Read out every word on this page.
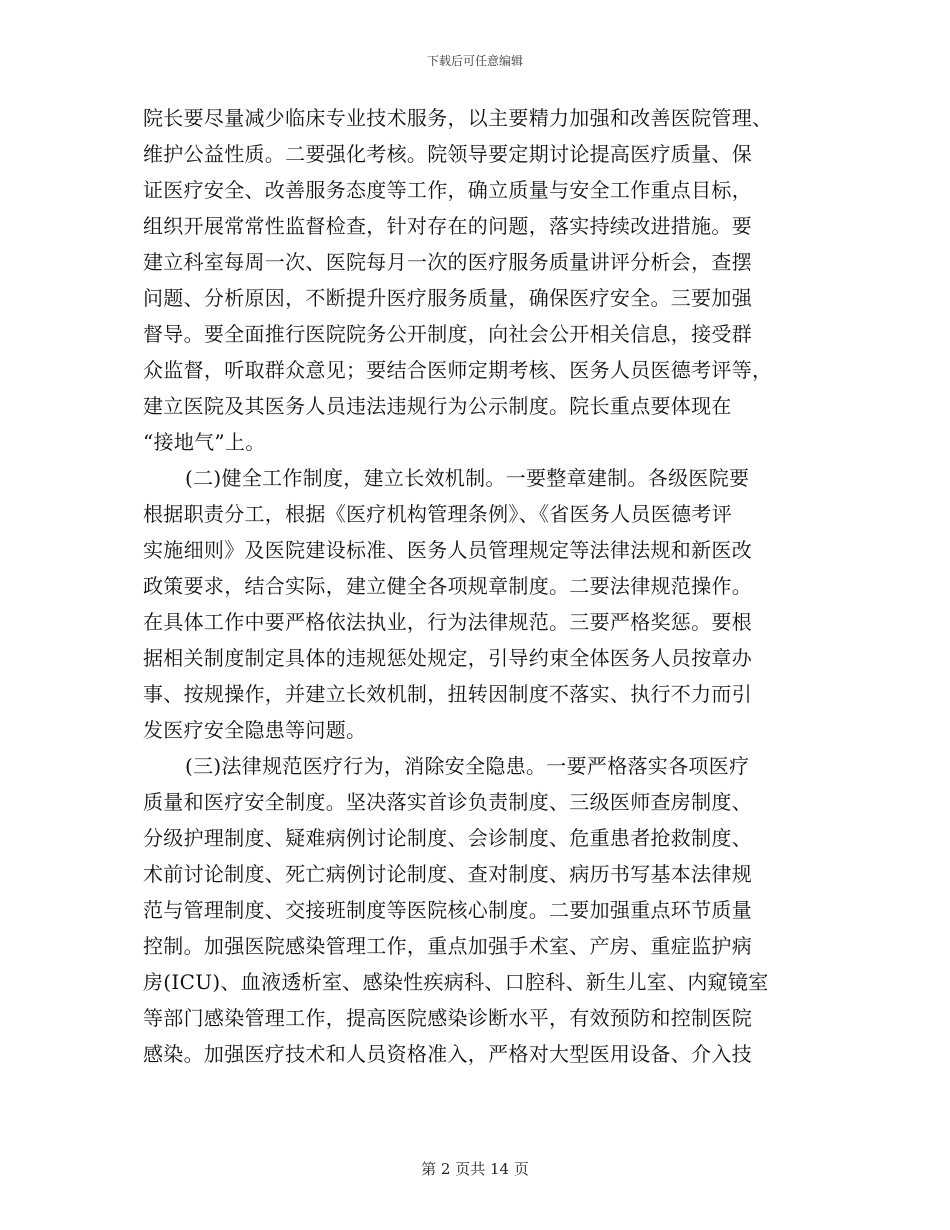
下载后可任意编辑
院长要尽量减少临床专业技术服务，以主要精力加强和改善医院管理、
维护公益性质。二要强化考核。院领导要定期讨论提高医疗质量、保
证医疗安全、改善服务态度等工作，确立质量与安全工作重点目标，
组织开展常常性监督检查，针对存在的问题，落实持续改进措施。要
建立科室每周一次、医院每月一次的医疗服务质量讲评分析会，查摆
问题、分析原因，不断提升医疗服务质量，确保医疗安全。三要加强
督导。要全面推行医院院务公开制度，向社会公开相关信息，接受群
众监督，听取群众意见；要结合医师定期考核、医务人员医德考评等，
建立医院及其医务人员违法违规行为公示制度。院长重点要体现在
“接地气”上。
(二)健全工作制度，建立长效机制。一要整章建制。各级医院要
根据职责分工，根据《医疗机构管理条例》、《省医务人员医德考评
实施细则》及医院建设标准、医务人员管理规定等法律法规和新医改
政策要求，结合实际，建立健全各项规章制度。二要法律规范操作。
在具体工作中要严格依法执业，行为法律规范。三要严格奖惩。要根
据相关制度制定具体的违规惩处规定，引导约束全体医务人员按章办
事、按规操作，并建立长效机制，扭转因制度不落实、执行不力而引
发医疗安全隐患等问题。
(三)法律规范医疗行为，消除安全隐患。一要严格落实各项医疗
质量和医疗安全制度。坚决落实首诊负责制度、三级医师查房制度、
分级护理制度、疑难病例讨论制度、会诊制度、危重患者抢救制度、
术前讨论制度、死亡病例讨论制度、查对制度、病历书写基本法律规
范与管理制度、交接班制度等医院核心制度。二要加强重点环节质量
控制。加强医院感染管理工作，重点加强手术室、产房、重症监护病
房(ICU)、血液透析室、感染性疾病科、口腔科、新生儿室、内窥镜室
等部门感染管理工作，提高医院感染诊断水平，有效预防和控制医院
感染。加强医疗技术和人员资格准入，严格对大型医用设备、介入技
第 2 页共 14 页
